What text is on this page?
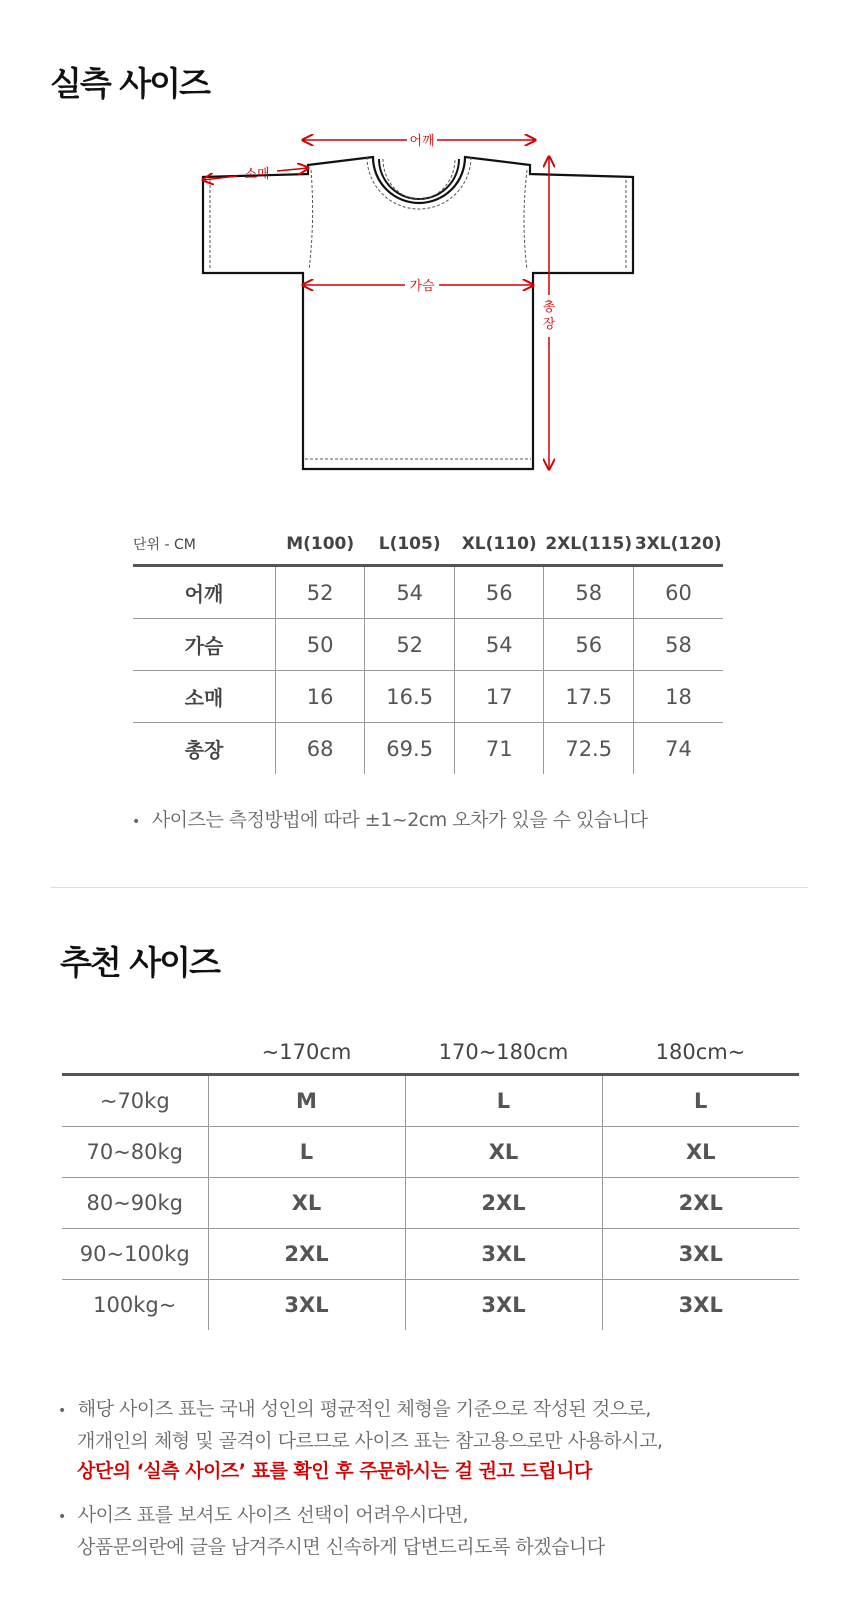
실측 사이즈
어깨
소매
가슴
총
장
단위 - CM	M(100)	L(105)	XL(110)	2XL(115)	3XL(120)
어깨	52	54	56	58	60
가슴	50	52	54	56	58
소매	16	16.5	17	17.5	18
총장	68	69.5	71	72.5	74
• 사이즈는 측정방법에 따라 ±1~2cm 오차가 있을 수 있습니다
추천 사이즈
	~170cm	170~180cm	180cm~
~70kg	M	L	L
70~80kg	L	XL	XL
80~90kg	XL	2XL	2XL
90~100kg	2XL	3XL	3XL
100kg~	3XL	3XL	3XL
• 해당 사이즈 표는 국내 성인의 평균적인 체형을 기준으로 작성된 것으로,
개개인의 체형 및 골격이 다르므로 사이즈 표는 참고용으로만 사용하시고,
상단의 ‘실측 사이즈’ 표를 확인 후 주문하시는 걸 권고 드립니다
• 사이즈 표를 보셔도 사이즈 선택이 어려우시다면,
상품문의란에 글을 남겨주시면 신속하게 답변드리도록 하겠습니다
